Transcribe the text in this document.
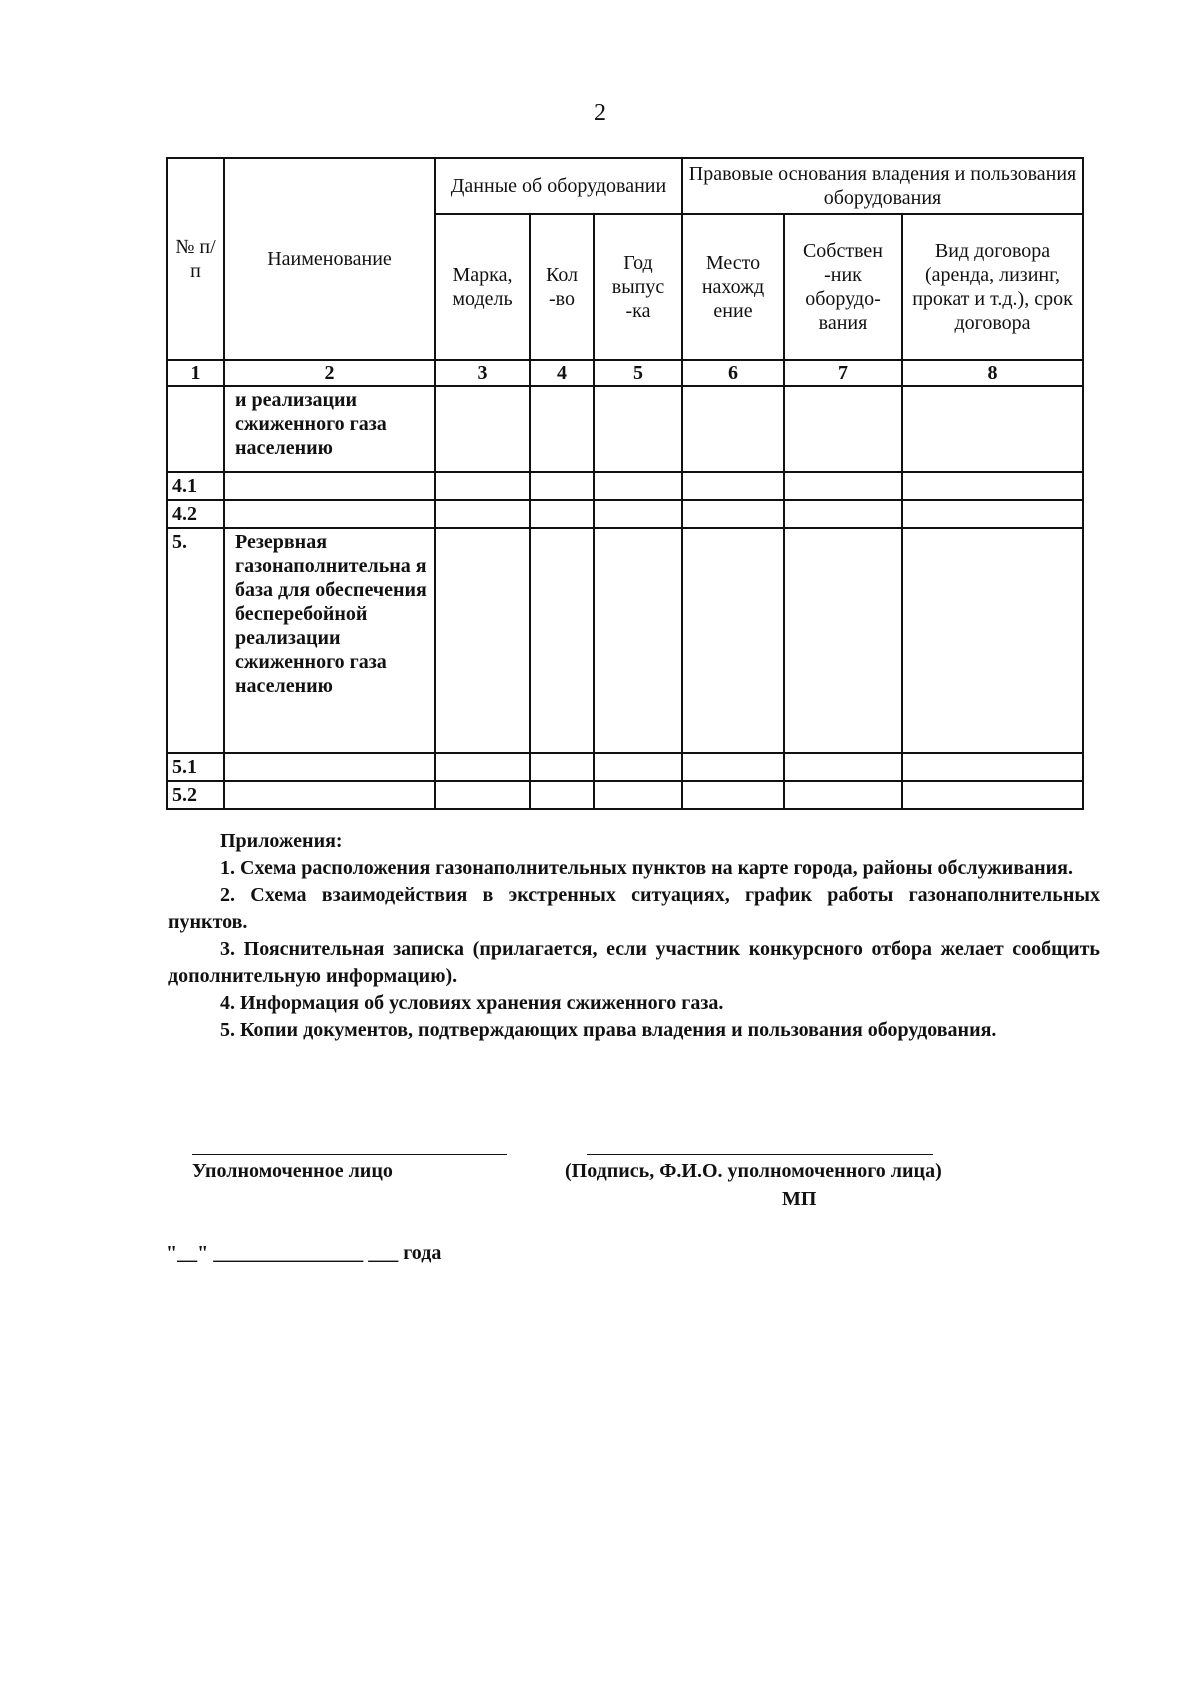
2
№ п/п	Наименование	Данные об оборудовании			Правовые основания владения и пользования оборудования		
		Марка, модель	Кол -во	Год выпус -ка	Место нахожд ение	Собствен -ник оборудо-вания	Вид договора (аренда, лизинг, прокат и т.д.), срок договора
1	2	3	4	5	6	7	8
	и реализации сжиженного газа населению						
4.1							
4.2							
5.	Резервная газонаполнительна я база для обеспечения бесперебойной реализации сжиженного газа населению						
5.1							
5.2							

Приложения:

1. Схема расположения газонаполнительных пунктов на карте города, районы обслуживания.

2. Схема взаимодействия в экстренных ситуациях, график работы газонаполнительных пунктов.

3. Пояснительная записка (прилагается, если участник конкурсного отбора желает сообщить дополнительную информацию).

4. Информация об условиях хранения сжиженного газа.

5. Копии документов, подтверждающих права владения и пользования оборудования.

Уполномоченное лицо	(Подпись, Ф.И.О. уполномоченного лица)
МП
"__" _______________ ___ года
